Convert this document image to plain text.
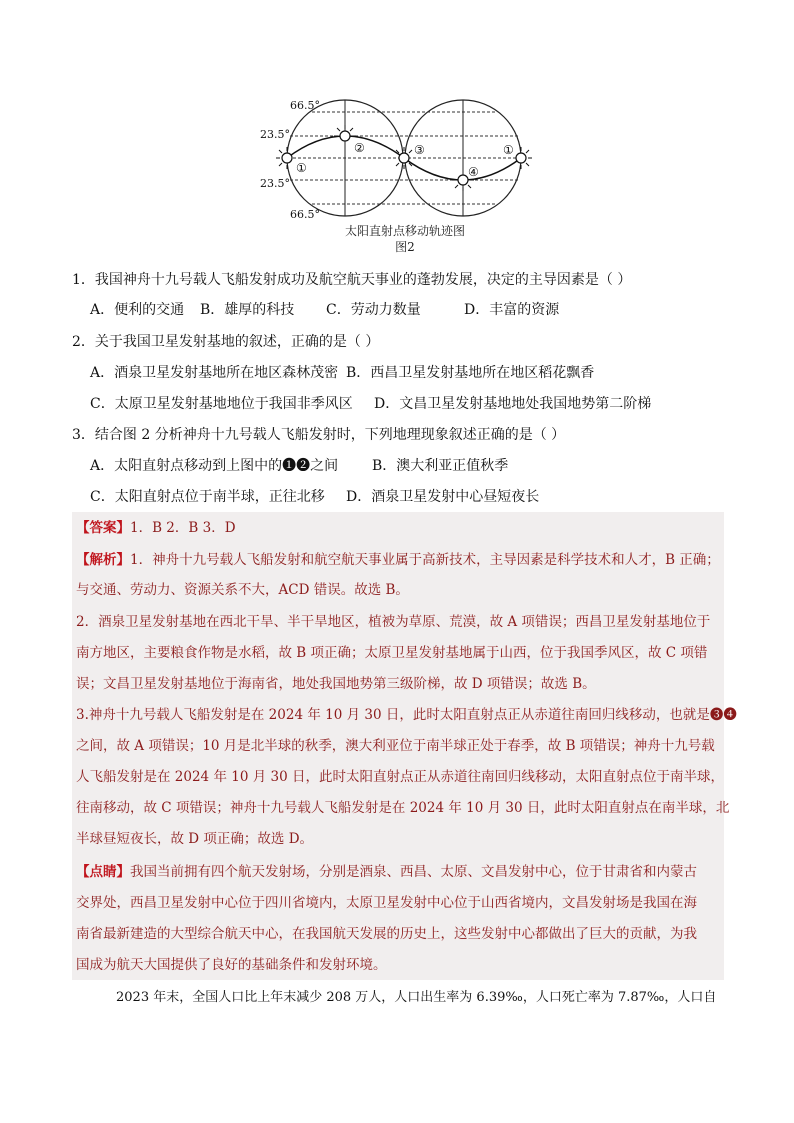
66.5°
23.5°
23.5°
66.5°
①
②	③
④
①
太阳直射点移动轨迹图
图2
1．我国神舟十九号载人飞船发射成功及航空航天事业的蓬勃发展，决定的主导因素是（ ）
A．便利的交通 B．雄厚的科技 C．劳动力数量	D．丰富的资源
2．关于我国卫星发射基地的叙述，正确的是（ ）
A．酒泉卫星发射基地所在地区森林茂密 B．西昌卫星发射基地所在地区稻花飘香
C．太原卫星发射基地地位于我国非季风区 D．文昌卫星发射基地地处我国地势第二阶梯
3．结合图 2 分析神舟十九号载人飞船发射时，下列地理现象叙述正确的是（ ）
A．太阳直射点移动到上图中的❶❷之间 B．澳大利亚正值秋季
C．太阳直射点位于南半球，正往北移 D．酒泉卫星发射中心昼短夜长
【答案】1．B 2．B 3．D
【解析】1．神舟十九号载人飞船发射和航空航天事业属于高新技术，主导因素是科学技术和人才，B 正确；
与交通、劳动力、资源关系不大，ACD 错误。故选 B。
2．酒泉卫星发射基地在西北干旱、半干旱地区，植被为草原、荒漠，故 A 项错误；西昌卫星发射基地位于
南方地区，主要粮食作物是水稻，故 B 项正确；太原卫星发射基地属于山西，位于我国季风区，故 C 项错
误；文昌卫星发射基地位于海南省，地处我国地势第三级阶梯，故 D 项错误；故选 B。
3.神舟十九号载人飞船发射是在 2024 年 10 月 30 日，此时太阳直射点正从赤道往南回归线移动，也就是❸❹
之间，故 A 项错误；10 月是北半球的秋季，澳大利亚位于南半球正处于春季，故 B 项错误；神舟十九号载
人飞船发射是在 2024 年 10 月 30 日，此时太阳直射点正从赤道往南回归线移动，太阳直射点位于南半球，
往南移动，故 C 项错误；神舟十九号载人飞船发射是在 2024 年 10 月 30 日，此时太阳直射点在南半球，北
半球昼短夜长，故 D 项正确；故选 D。
【点睛】我国当前拥有四个航天发射场，分别是酒泉、西昌、太原、文昌发射中心，位于甘肃省和内蒙古
交界处，西昌卫星发射中心位于四川省境内，太原卫星发射中心位于山西省境内，文昌发射场是我国在海
南省最新建造的大型综合航天中心，在我国航天发展的历史上，这些发射中心都做出了巨大的贡献，为我
国成为航天大国提供了良好的基础条件和发射环境。
2023 年末，全国人口比上年末减少 208 万人，人口出生率为 6.39‰，人口死亡率为 7.87‰，人口自
